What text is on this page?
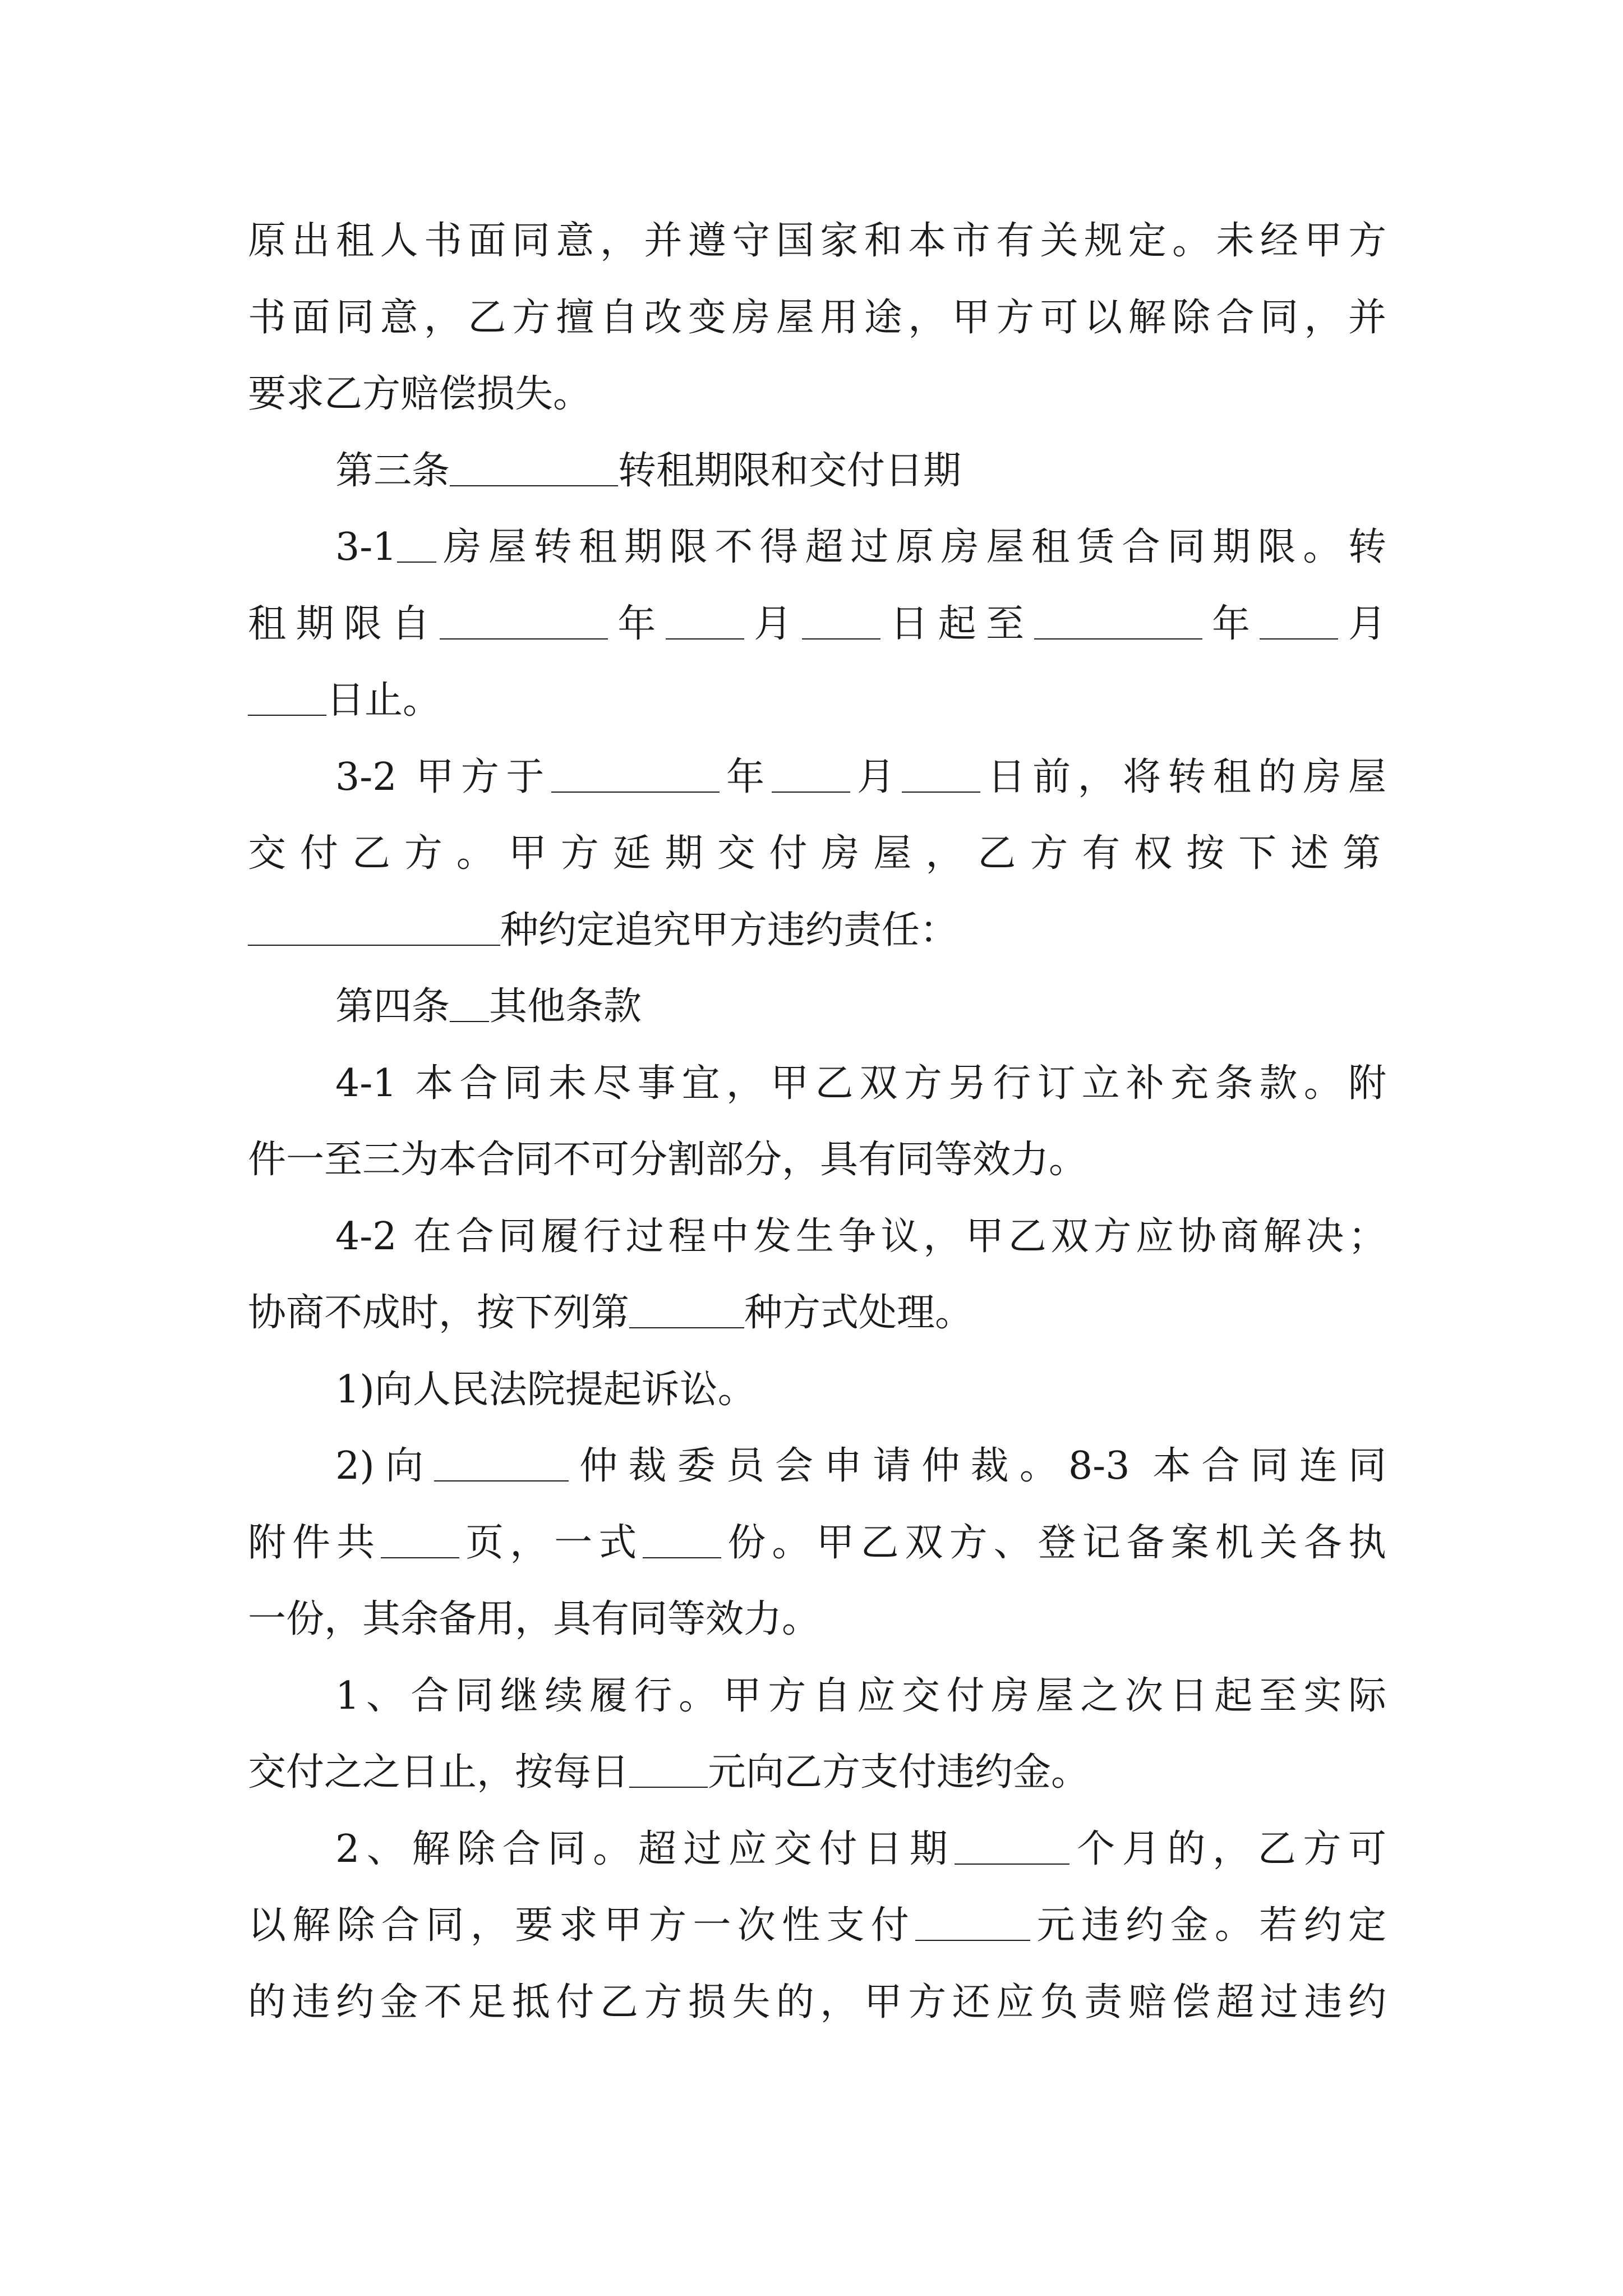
原出租人书面同意，并遵守国家和本市有关规定。未经甲方
书面同意，乙方擅自改变房屋用途，甲方可以解除合同，并
要求乙方赔偿损失。
第三条	转租期限和交付日期
3-1 房屋转租期限不得超过原房屋租赁合同期限。转
租期限自	年 月 日起至	年 月
日止。
3-2 甲方于	年 月 日前，将转租的房屋
交付乙方。甲方延期交付房屋，乙方有权按下述第
种约定追究甲方违约责任：
第四条 其他条款
4-1 本合同未尽事宜，甲乙双方另行订立补充条款。附
件一至三为本合同不可分割部分，具有同等效力。
4-2 在合同履行过程中发生争议，甲乙双方应协商解决；
协商不成时，按下列第	种方式处理。
1)向人民法院提起诉讼。
2)向	仲裁委员会申请仲裁。8-3 本合同连同
附件共 页，一式 份。甲乙双方、登记备案机关各执
一份，其余备用，具有同等效力。
1、合同继续履行。甲方自应交付房屋之次日起至实际
交付之之日止，按每日 元向乙方支付违约金。
2、解除合同。超过应交付日期	个月的，乙方可
以解除合同，要求甲方一次性支付	元违约金。若约定
的违约金不足抵付乙方损失的，甲方还应负责赔偿超过违约
